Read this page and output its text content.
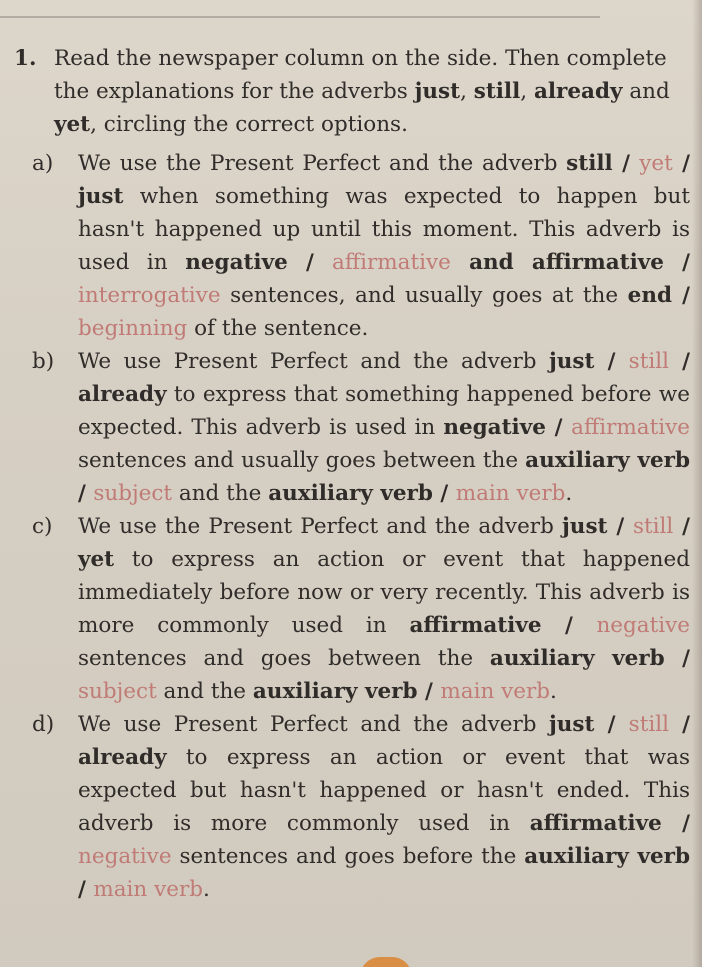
1. Read the newspaper column on the side. Then complete the explanations for the adverbs just, still, already and yet, circling the correct options.
a)	We use the Present Perfect and the adverb still / yet / just when something was expected to happen but hasn't happened up until this moment. This adverb is used in negative / affirmative and affirmative / interrogative sentences, and usually goes at the end / beginning of the sentence.
b)	We use Present Perfect and the adverb just / still / already to express that something happened before we expected. This adverb is used in negative / affirmative sentences and usually goes between the auxiliary verb / subject and the auxiliary verb / main verb.
c)	We use the Present Perfect and the adverb just / still / yet to express an action or event that happened immediately before now or very recently. This adverb is more commonly used in affirmative / negative sentences and goes between the auxiliary verb / subject and the auxiliary verb / main verb.
d)	We use Present Perfect and the adverb just / still / already to express an action or event that was expected but hasn't happened or hasn't ended. This adverb is more commonly used in affirmative / negative sentences and goes before the auxiliary verb / main verb.
